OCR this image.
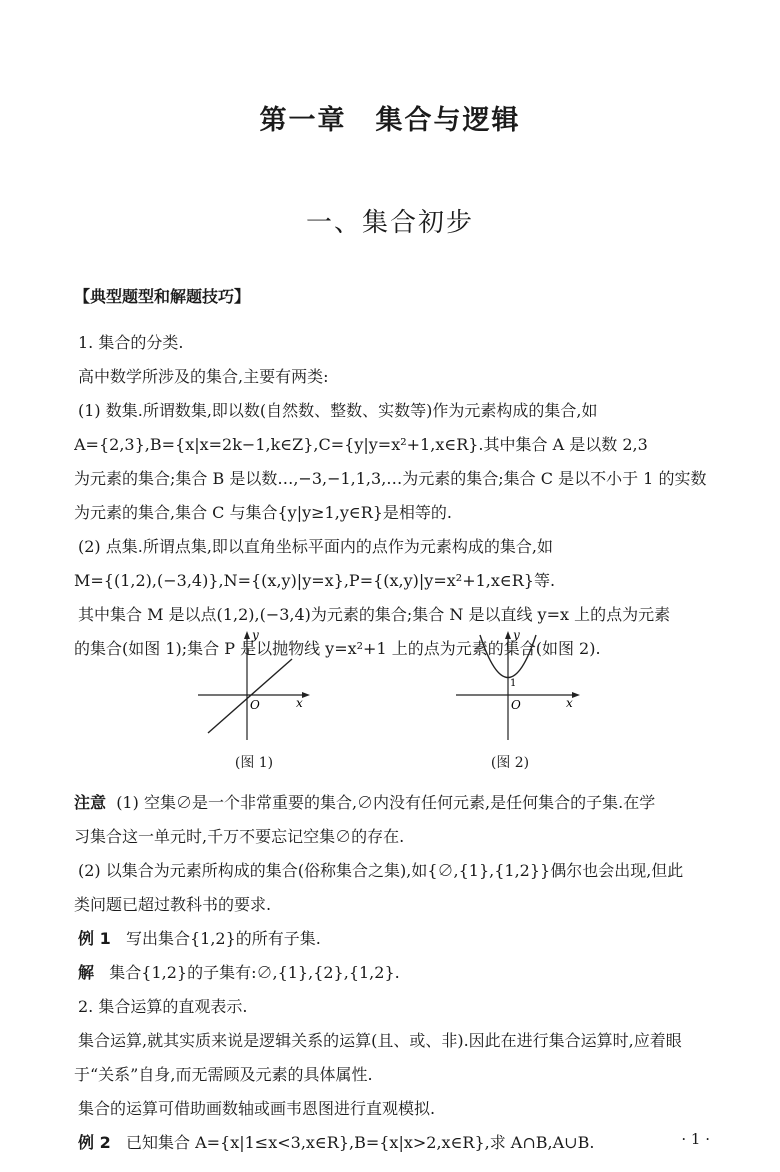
第一章　集合与逻辑
一、集合初步
【典型题型和解题技巧】
1. 集合的分类.
高中数学所涉及的集合,主要有两类:
(1) 数集.所谓数集,即以数(自然数、整数、实数等)作为元素构成的集合,如
A={2,3},B={x|x=2k−1,k∈Z},C={y|y=x²+1,x∈R}.其中集合 A 是以数 2,3
为元素的集合;集合 B 是以数…,−3,−1,1,3,…为元素的集合;集合 C 是以不小于 1 的实数
为元素的集合,集合 C 与集合{y|y≥1,y∈R}是相等的.
(2) 点集.所谓点集,即以直角坐标平面内的点作为元素构成的集合,如
M={(1,2),(−3,4)},N={(x,y)|y=x},P={(x,y)|y=x²+1,x∈R}等.
其中集合 M 是以点(1,2),(−3,4)为元素的集合;集合 N 是以直线 y=x 上的点为元素
的集合(如图 1);集合 P 是以抛物线 y=x²+1 上的点为元素的集合(如图 2).
y
x
O
(图 1)
y
x
O
1
(图 2)
注意 (1) 空集∅是一个非常重要的集合,∅内没有任何元素,是任何集合的子集.在学
习集合这一单元时,千万不要忘记空集∅的存在.
(2) 以集合为元素所构成的集合(俗称集合之集),如{∅,{1},{1,2}}偶尔也会出现,但此
类问题已超过教科书的要求.
例 1 写出集合{1,2}的所有子集.
解 集合{1,2}的子集有:∅,{1},{2},{1,2}.
2. 集合运算的直观表示.
集合运算,就其实质来说是逻辑关系的运算(且、或、非).因此在进行集合运算时,应着眼
于“关系”自身,而无需顾及元素的具体属性.
集合的运算可借助画数轴或画韦恩图进行直观模拟.
例 2 已知集合 A={x|1≤x<3,x∈R},B={x|x>2,x∈R},求 A∩B,A∪B.	· 1 ·
